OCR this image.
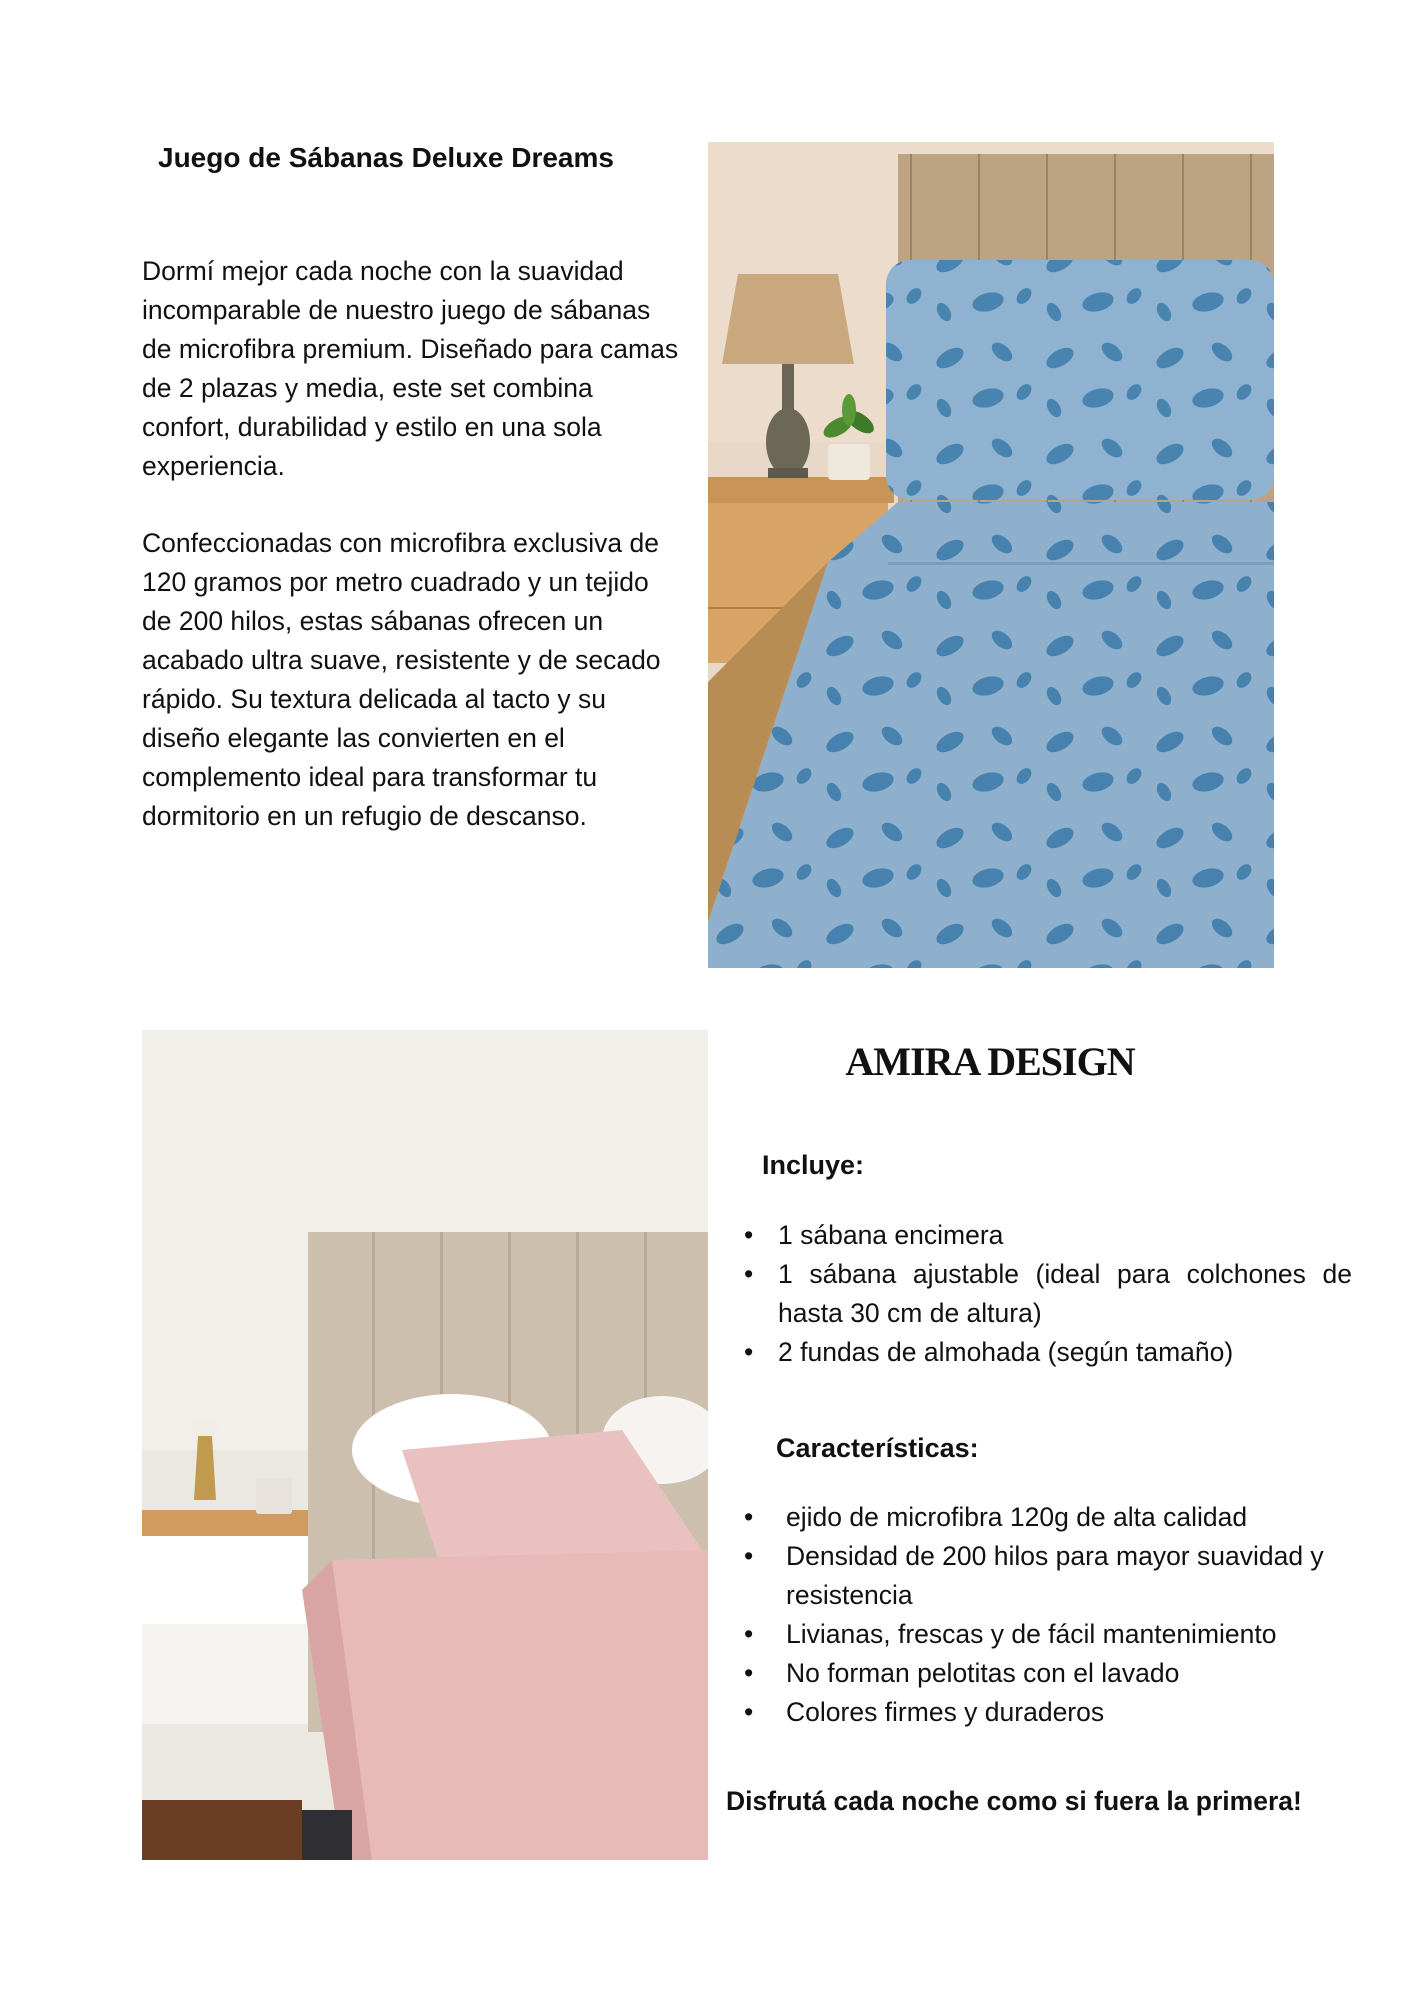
Juego de Sábanas Deluxe Dreams

Dormí mejor cada noche con la suavidad incomparable de nuestro juego de sábanas de microfibra premium. Diseñado para camas de 2 plazas y media, este set combina confort, durabilidad y estilo en una sola experiencia.

Confeccionadas con microfibra exclusiva de 120 gramos por metro cuadrado y un tejido de 200 hilos, estas sábanas ofrecen un acabado ultra suave, resistente y de secado rápido. Su textura delicada al tacto y su diseño elegante las convierten en el complemento ideal para transformar tu dormitorio en un refugio de descanso.

AMIRA DESIGN
Incluye:
• 1 sábana encimera
• 1 sábana ajustable (ideal para colchones de hasta 30 cm de altura)
• 2 fundas de almohada (según tamaño)
Características:
• ejido de microfibra 120g de alta calidad
• Densidad de 200 hilos para mayor suavidad y resistencia
• Livianas, frescas y de fácil mantenimiento
• No forman pelotitas con el lavado
• Colores firmes y duraderos
Disfrutá cada noche como si fuera la primera!
